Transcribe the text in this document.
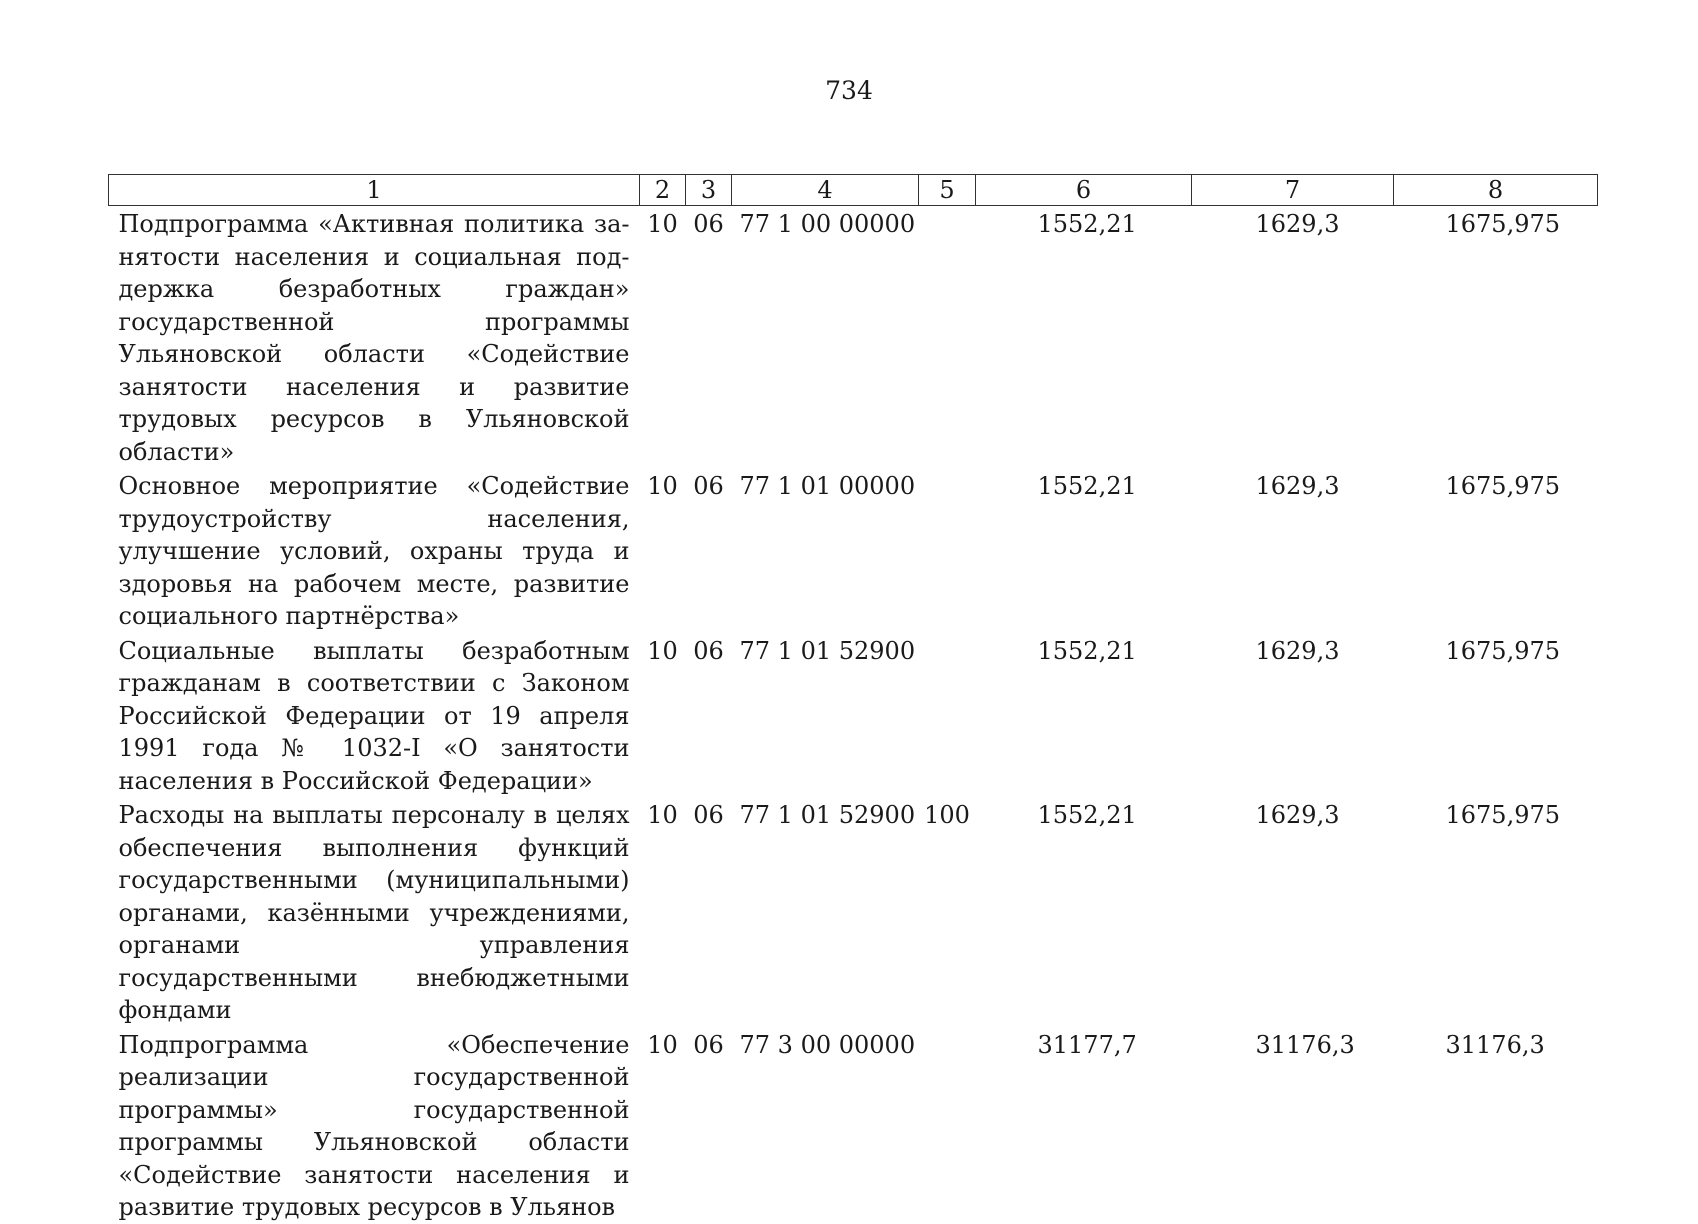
734
1	2	3	4	5	6	7	8
Подпрограмма «Активная политика занятости населения и социальная поддержка безработных граждан» государственной программы Ульяновской области «Содействие занятости населения и развитие трудовых ресурсов в Ульяновской области»	10	06	77 1 00 00000		1552,21	1629,3	1675,975
Основное мероприятие «Содействие трудоустройству населения, улучшение условий, охраны труда и здоровья на рабочем месте, развитие социального партнёрства»	10	06	77 1 01 00000		1552,21	1629,3	1675,975
Социальные выплаты безработным гражданам в соответствии с Законом Российской Федерации от 19 апреля 1991 года № 1032-I «О занятости населения в Российской Федерации»	10	06	77 1 01 52900		1552,21	1629,3	1675,975
Расходы на выплаты персоналу в целях обеспечения выполнения функций государственными (муниципальными) органами, казёнными учреждениями, органами управления государственными внебюджетными фондами	10	06	77 1 01 52900	100	1552,21	1629,3	1675,975
Подпрограмма «Обеспечение реализации государственной программы» государственной программы Ульяновской области «Содействие занятости населения и развитие трудовых ресурсов в Ульянов	10	06	77 3 00 00000		31177,7	31176,3	31176,3
